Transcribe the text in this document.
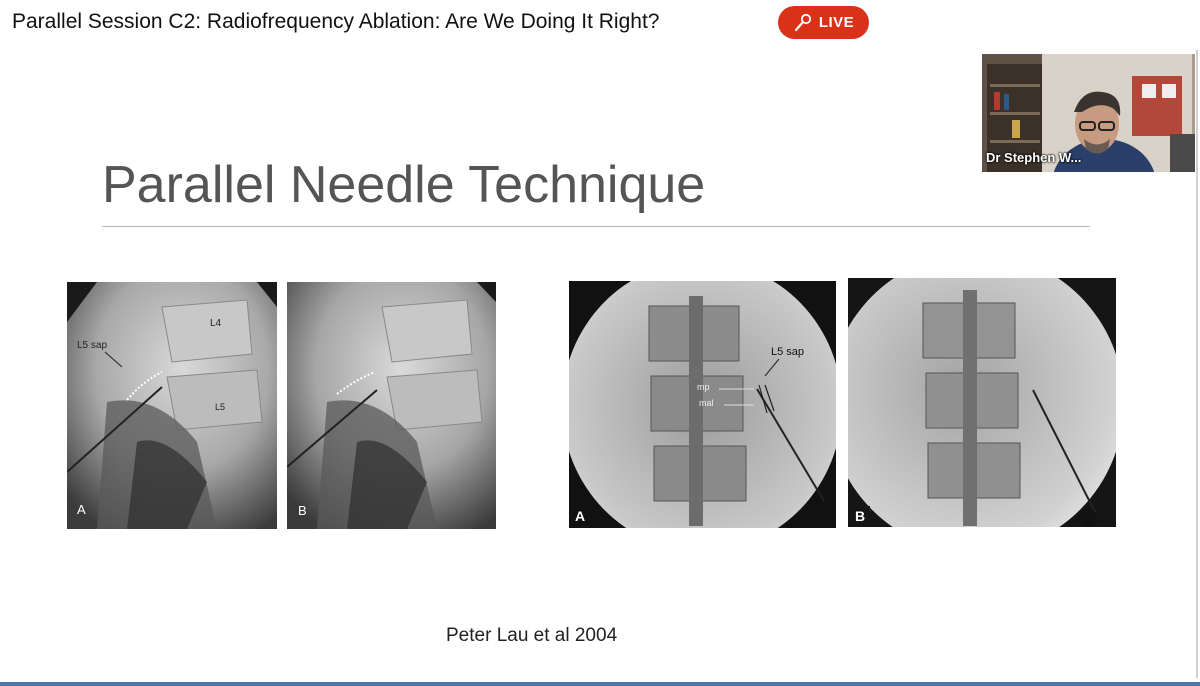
Parallel Session C2: Radiofrequency Ablation: Are We Doing It Right?	LIVE
Parallel Needle Technique
L4
L5 sap
L5
A	B
L5 sap
mp
mal
A	B
Peter Lau et al 2004
Dr Stephen W...
